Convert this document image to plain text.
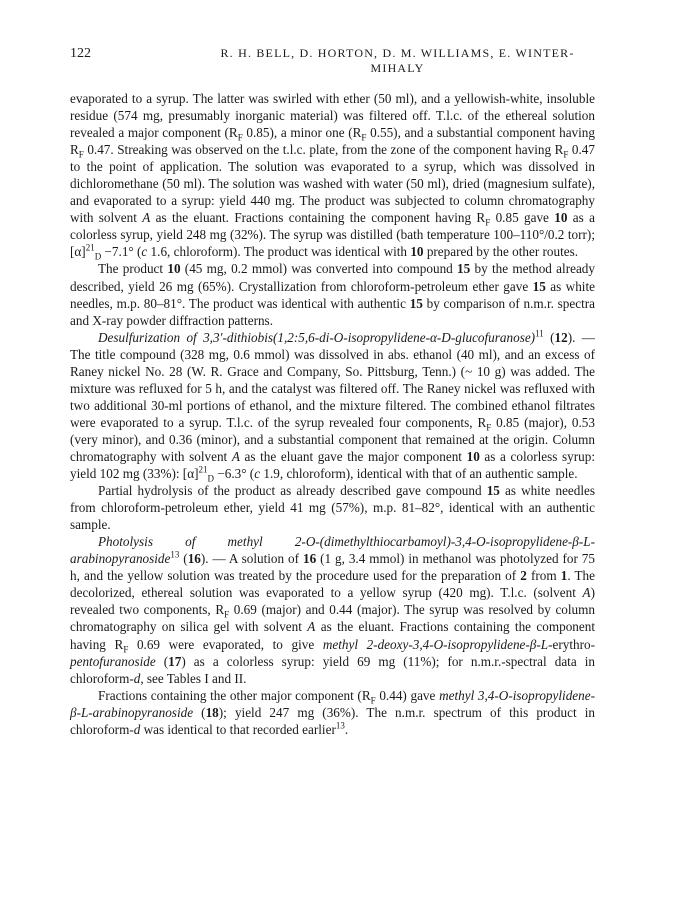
122	R. H. BELL, D. HORTON, D. M. WILLIAMS, E. WINTER-MIHALY

evaporated to a syrup. The latter was swirled with ether (50 ml), and a yellowish-white, insoluble residue (574 mg, presumably inorganic material) was filtered off. T.l.c. of the ethereal solution revealed a major component ($R_F$ 0.85), a minor one ($R_F$ 0.55), and a substantial component having $R_F$ 0.47. Streaking was observed on the t.l.c. plate, from the zone of the component having $R_F$ 0.47 to the point of application. The solution was evaporated to a syrup, which was dissolved in dichloromethane (50 ml). The solution was washed with water (50 ml), dried (magnesium sulfate), and evaporated to a syrup: yield 440 mg. The product was subjected to column chromatography with solvent A as the eluant. Fractions containing the component having $R_F$ 0.85 gave 10 as a colorless syrup, yield 248 mg (32%). The syrup was distilled (bath temperature 100–110°/0.2 torr); $[\alpha]^{21}_D -7.1^\circ$ (c 1.6, chloroform). The product was identical with 10 prepared by the other routes.

The product 10 (45 mg, 0.2 mmol) was converted into compound 15 by the method already described, yield 26 mg (65%). Crystallization from chloroform-petroleum ether gave 15 as white needles, m.p. 80–81°. The product was identical with authentic 15 by comparison of n.m.r. spectra and X-ray powder diffraction patterns.

Desulfurization of 3,3′-dithiobis(1,2:5,6-di-O-isopropylidene-α-D-glucofuranose)$^{11}$ (12). — The title compound (328 mg, 0.6 mmol) was dissolved in abs. ethanol (40 ml), and an excess of Raney nickel No. 28 (W. R. Grace and Company, So. Pittsburg, Tenn.) (~ 10 g) was added. The mixture was refluxed for 5 h, and the catalyst was filtered off. The Raney nickel was refluxed with two additional 30-ml portions of ethanol, and the mixture filtered. The combined ethanol filtrates were evaporated to a syrup. T.l.c. of the syrup revealed four components, $R_F$ 0.85 (major), 0.53 (very minor), and 0.36 (minor), and a substantial component that remained at the origin. Column chromatography with solvent A as the eluant gave the major component 10 as a colorless syrup: yield 102 mg (33%): $[\alpha]^{21}_D -6.3^\circ$ (c 1.9, chloroform), identical with that of an authentic sample.

Partial hydrolysis of the product as already described gave compound 15 as white needles from chloroform-petroleum ether, yield 41 mg (57%), m.p. 81–82°, identical with an authentic sample.

Photolysis of methyl 2-O-(dimethylthiocarbamoyl)-3,4-O-isopropylidene-β-L-arabinopyranoside$^{13}$ (16). — A solution of 16 (1 g, 3.4 mmol) in methanol was photolyzed for 75 h, and the yellow solution was treated by the procedure used for the preparation of 2 from 1. The decolorized, ethereal solution was evaporated to a yellow syrup (420 mg). T.l.c. (solvent A) revealed two components, $R_F$ 0.69 (major) and 0.44 (major). The syrup was resolved by column chromatography on silica gel with solvent A as the eluant. Fractions containing the component having $R_F$ 0.69 were evaporated, to give methyl 2-deoxy-3,4-O-isopropylidene-β-L-erythro-pentofuranoside (17) as a colorless syrup: yield 69 mg (11%); for n.m.r.-spectral data in chloroform-d, see Tables I and II.

Fractions containing the other major component ($R_F$ 0.44) gave methyl 3,4-O-isopropylidene-β-L-arabinopyranoside (18); yield 247 mg (36%). The n.m.r. spectrum of this product in chloroform-d was identical to that recorded earlier$^{13}$.
